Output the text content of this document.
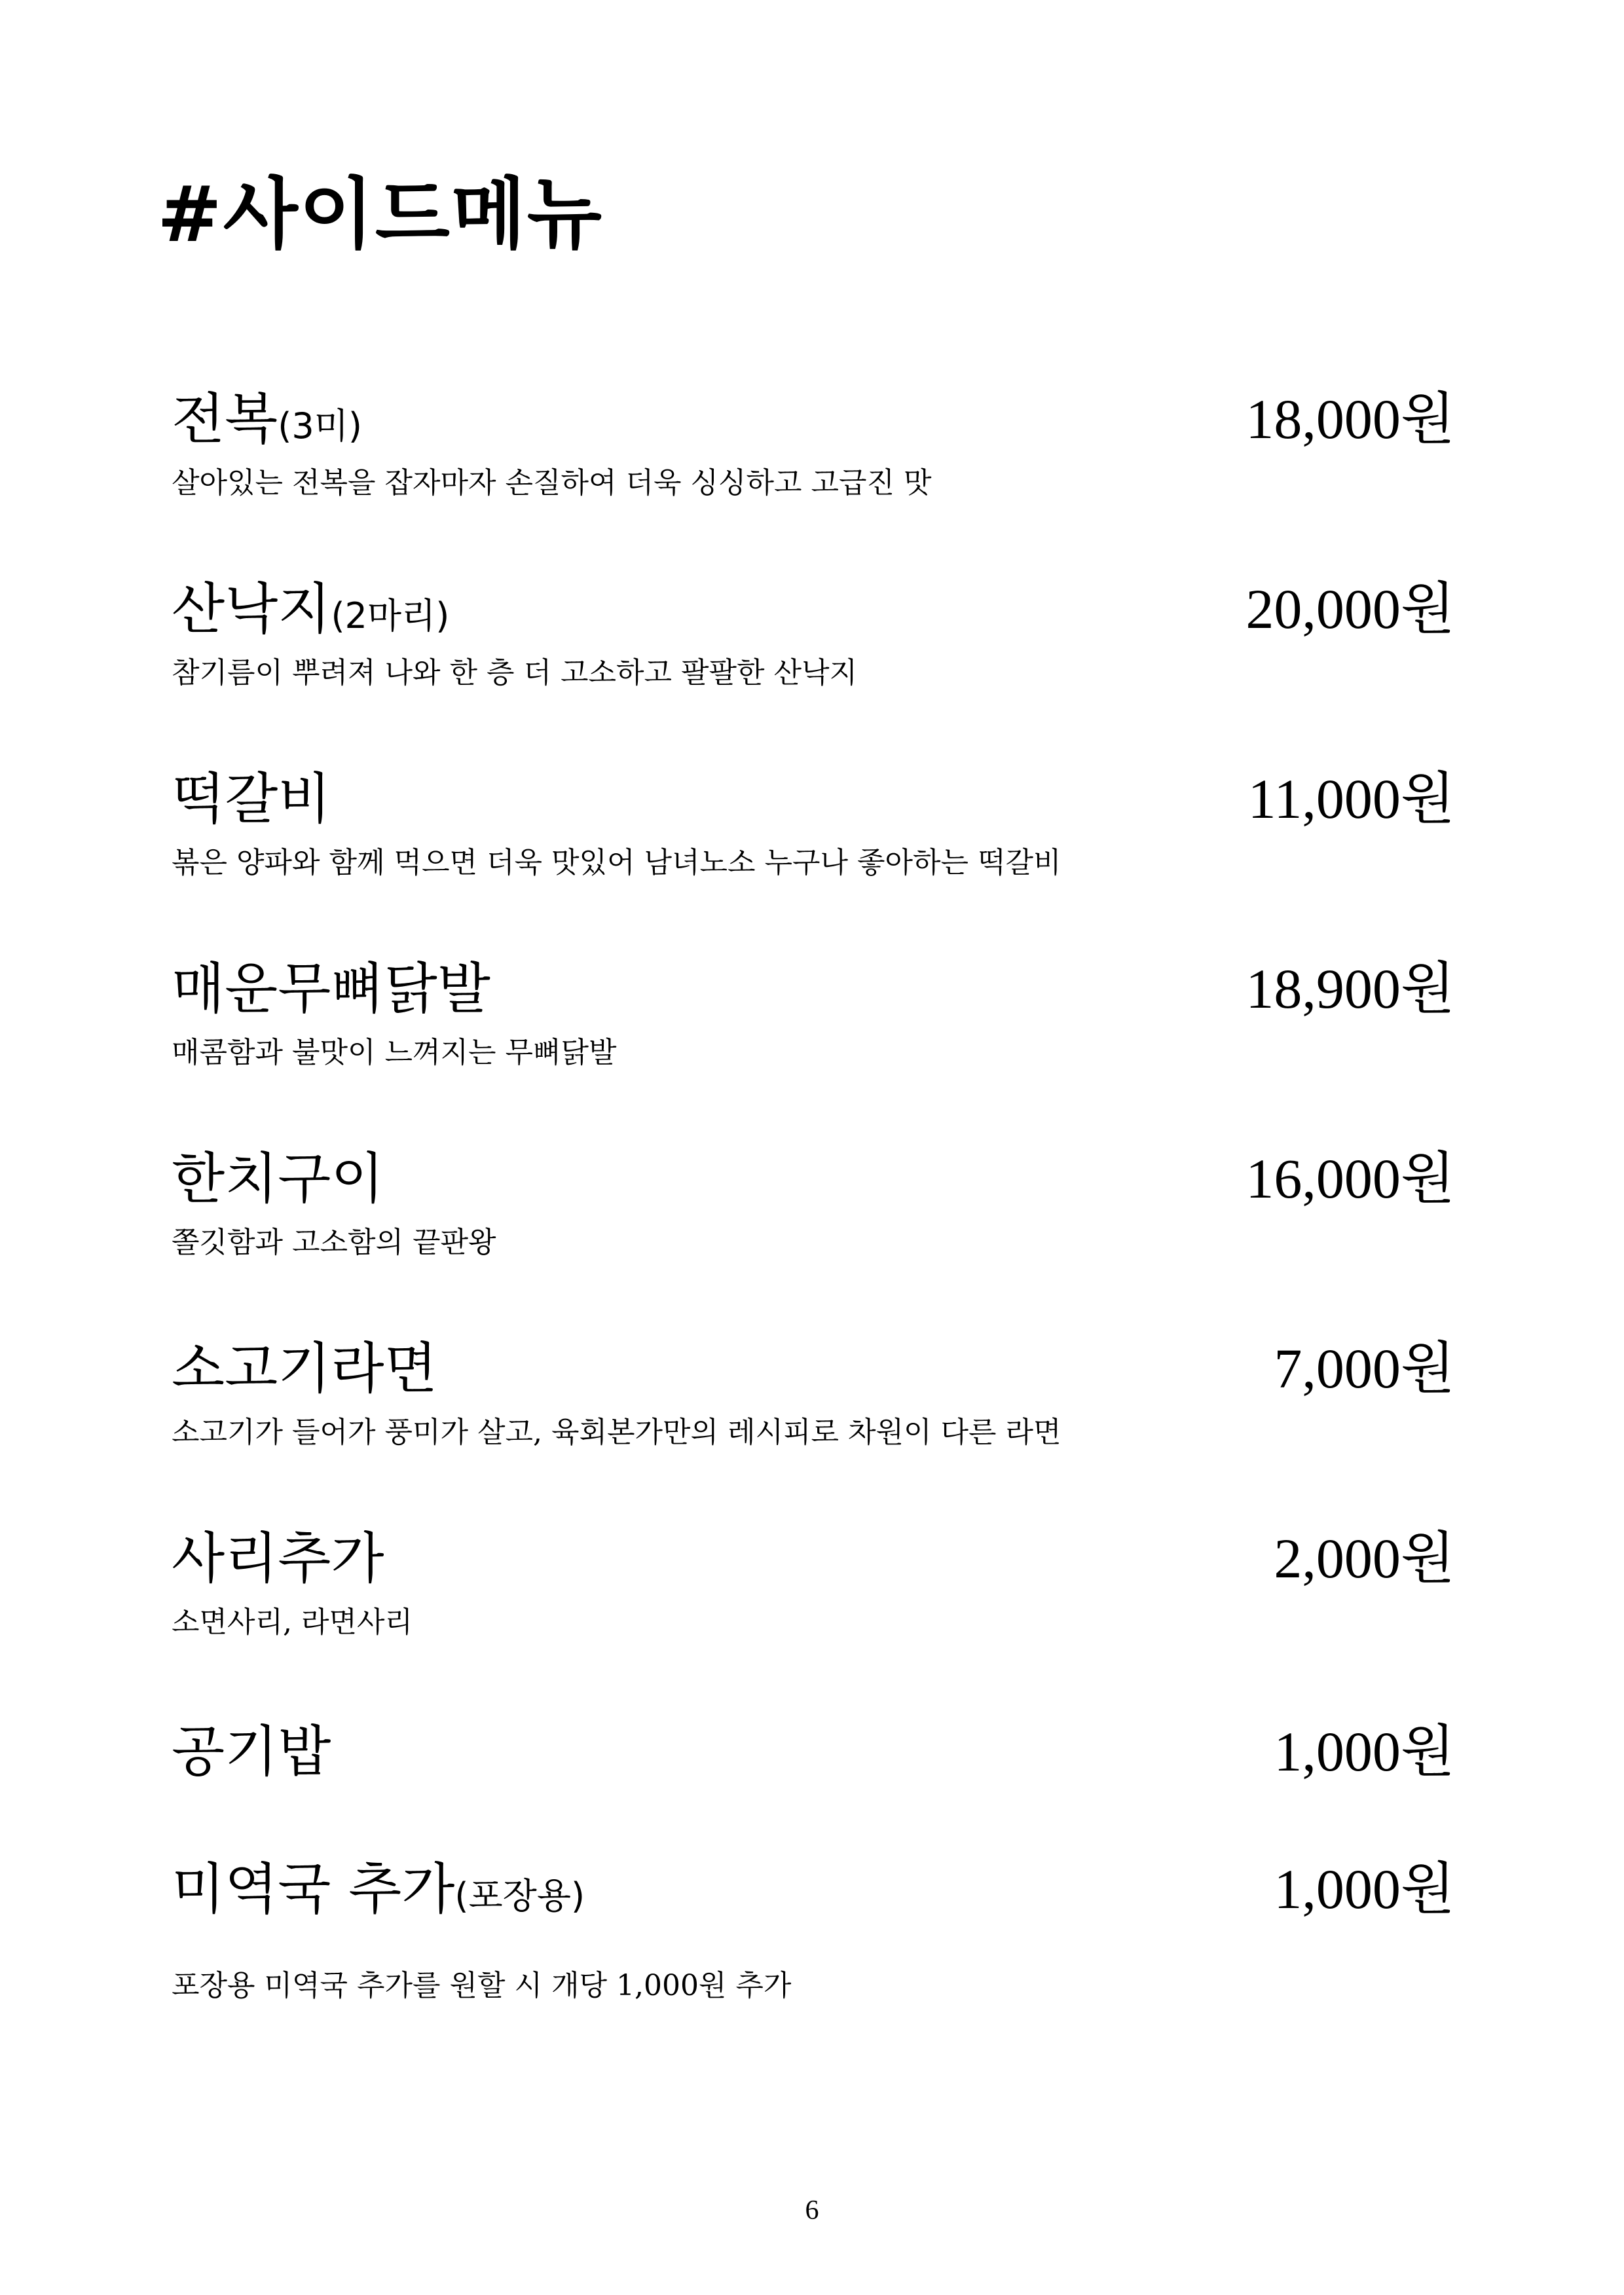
#사이드메뉴
전복(3미)	18,000원
살아있는 전복을 잡자마자 손질하여 더욱 싱싱하고 고급진 맛
산낙지(2마리)	20,000원
참기름이 뿌려져 나와 한 층 더 고소하고 팔팔한 산낙지
떡갈비	11,000원
볶은 양파와 함께 먹으면 더욱 맛있어 남녀노소 누구나 좋아하는 떡갈비
매운무뼈닭발	18,900원
매콤함과 불맛이 느껴지는 무뼈닭발
한치구이	16,000원
쫄깃함과 고소함의 끝판왕
소고기라면	7,000원
소고기가 들어가 풍미가 살고, 육회본가만의 레시피로 차원이 다른 라면
사리추가	2,000원
소면사리, 라면사리
공기밥	1,000원
미역국 추가(포장용)	1,000원
포장용 미역국 추가를 원할 시 개당 1,000원 추가
6
